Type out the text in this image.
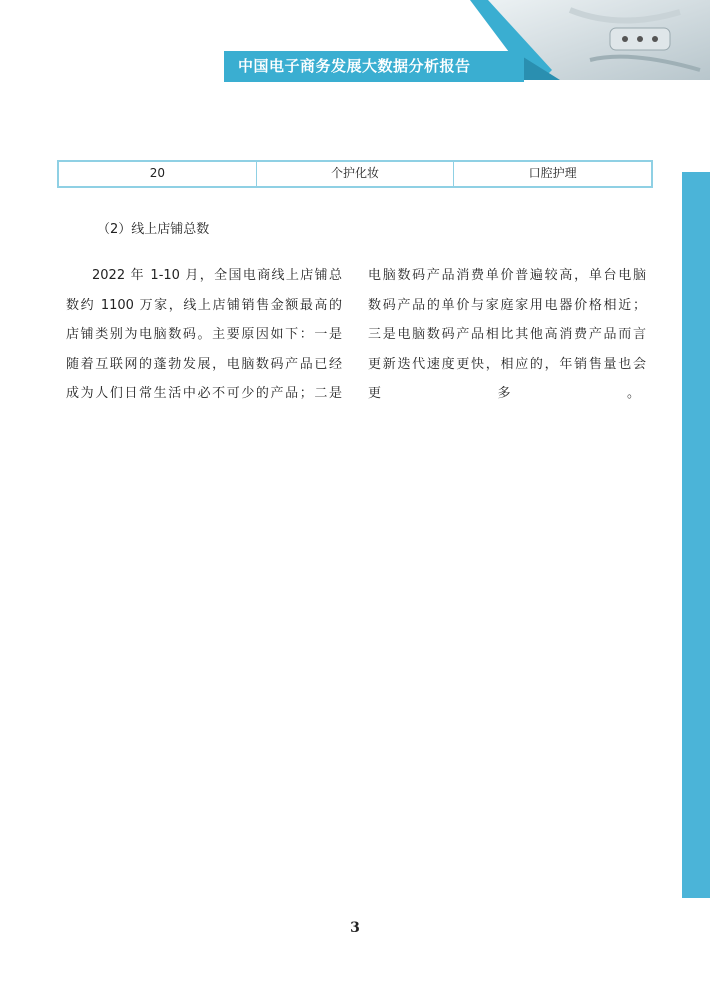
中国电子商务发展大数据分析报告
20	个护化妆	口腔护理
（2）线上店铺总数
2022 年 1-10 月，全国电商线上店铺总
数约 1100 万家，线上店铺销售金额最高的
店铺类别为电脑数码。主要原因如下：一是
随着互联网的蓬勃发展，电脑数码产品已经
成为人们日常生活中必不可少的产品；二是
电脑数码产品消费单价普遍较高，单台电脑
数码产品的单价与家庭家用电器价格相近；
三是电脑数码产品相比其他高消费产品而言
更新迭代速度更快，相应的，年销售量也会
更	多	。
3
